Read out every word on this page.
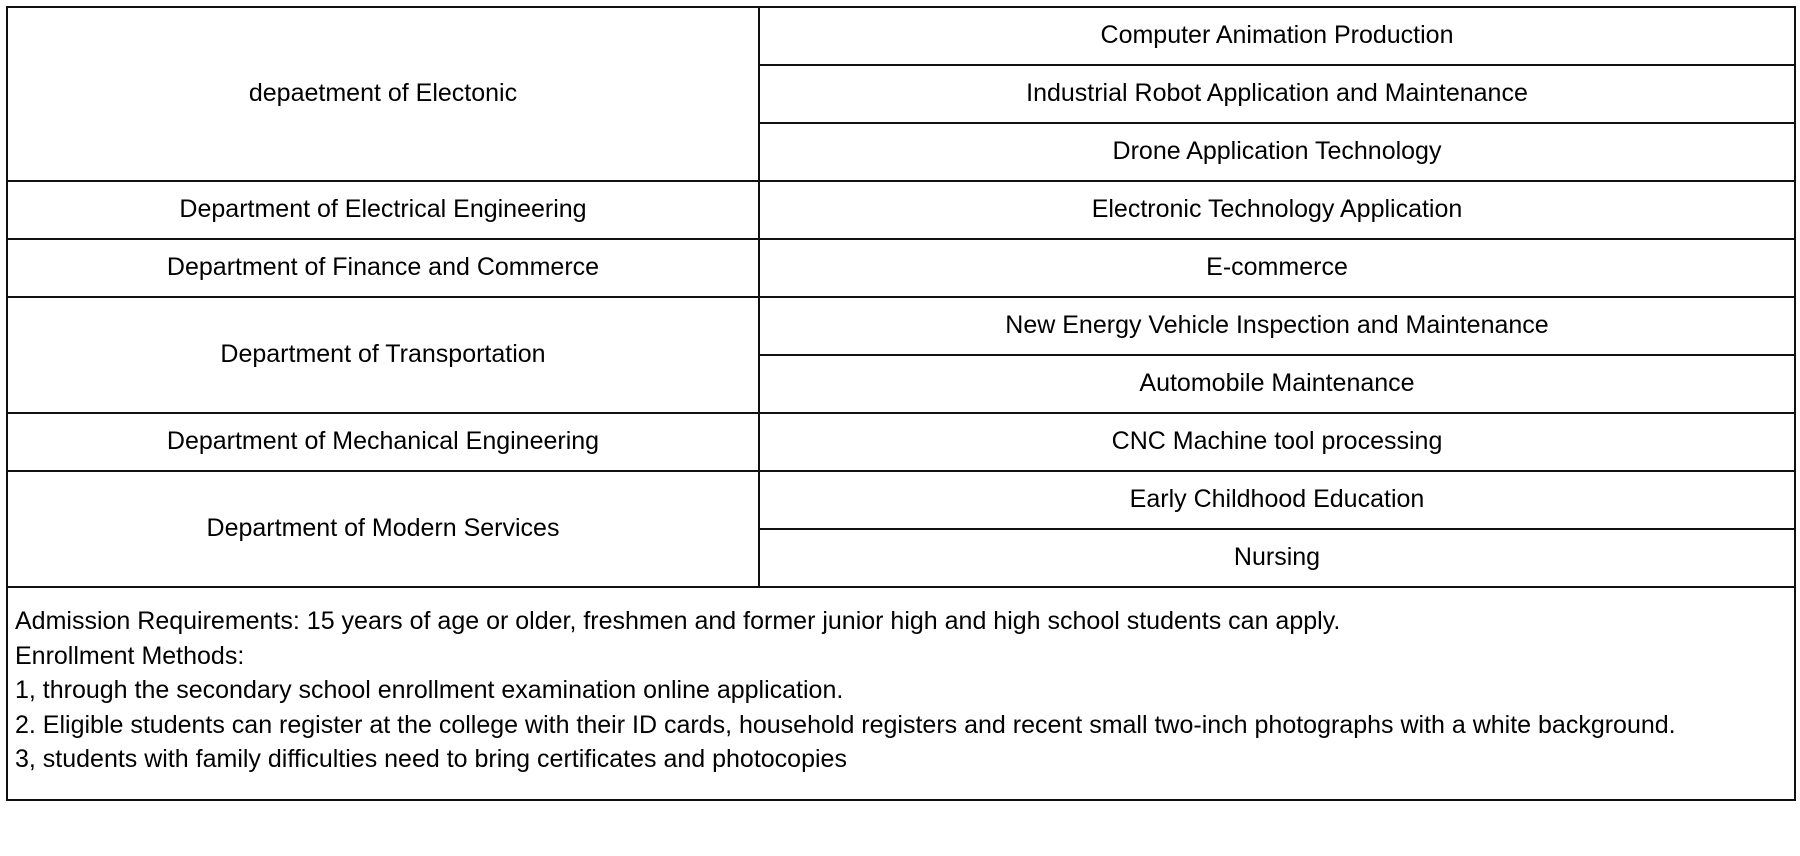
depaetment of Electonic	Computer Animation Production
	Industrial Robot Application and Maintenance
	Drone Application Technology
Department of Electrical Engineering	Electronic Technology Application
Department of Finance and Commerce	E-commerce
Department of Transportation	New Energy Vehicle Inspection and Maintenance
	Automobile Maintenance
Department of Mechanical Engineering	CNC Machine tool processing
Department of Modern Services	Early Childhood Education
	Nursing

Admission Requirements: 15 years of age or older, freshmen and former junior high and high school students can apply.
Enrollment Methods:
1, through the secondary school enrollment examination online application.
2. Eligible students can register at the college with their ID cards, household registers and recent small two-inch photographs with a white background.
3, students with family difficulties need to bring certificates and photocopies	
